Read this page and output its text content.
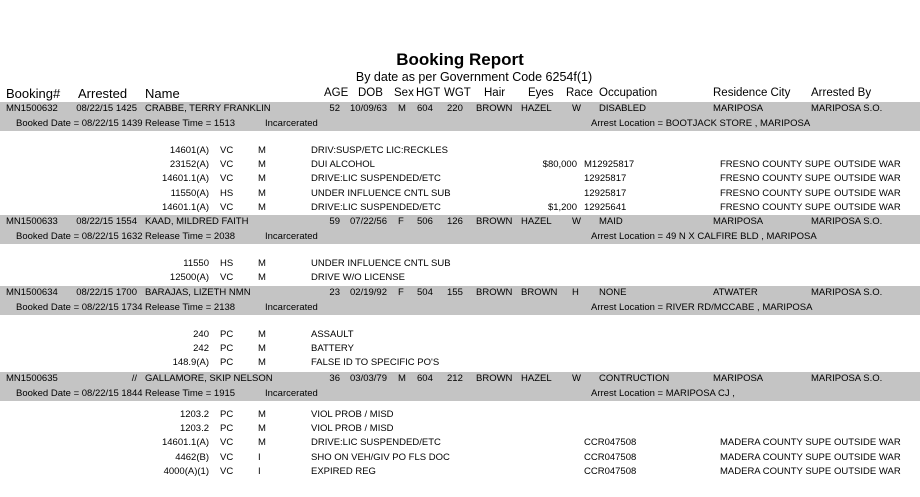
Booking Report
By date as per Government Code 6254f(1)
Booking# Arrested Name	AGE DOB Sex HGT WGT Hair Eyes Race Occupation	Residence City Arrested By
MN1500632 08/22/15 1425 CRABBE, TERRY FRANKLIN	52 10/09/63 M 604 220 BROWN HAZEL W DISABLED	MARIPOSA	MARIPOSA S.O.
Booked Date = 08/22/15 1439 Release Time = 1513	Incarcerated	Arrest Location = BOOTJACK STORE , MARIPOSA
14601(A) VC	M	DRIV:SUSP/ETC LIC:RECKLES
23152(A) VC	M	DUI ALCOHOL	$80,000 M12925817	FRESNO COUNTY SUPE OUTSIDE WAR
14601.1(A) VC	M	DRIVE:LIC SUSPENDED/ETC	12925817	FRESNO COUNTY SUPE OUTSIDE WAR
11550(A) HS	M	UNDER INFLUENCE CNTL SUB	12925817	FRESNO COUNTY SUPE OUTSIDE WAR
14601.1(A) VC	M	DRIVE:LIC SUSPENDED/ETC	$1,200 12925641	FRESNO COUNTY SUPE OUTSIDE WAR
MN1500633 08/22/15 1554 KAAD, MILDRED FAITH	59 07/22/56 F 506 126 BROWN HAZEL W MAID	MARIPOSA	MARIPOSA S.O.
Booked Date = 08/22/15 1632 Release Time = 2038	Incarcerated	Arrest Location = 49 N X CALFIRE BLD , MARIPOSA
11550 HS	M	UNDER INFLUENCE CNTL SUB
12500(A) VC	M	DRIVE W/O LICENSE
MN1500634 08/22/15 1700 BARAJAS, LIZETH NMN	23 02/19/92 F 504 155 BROWN BROWN H NONE	ATWATER	MARIPOSA S.O.
Booked Date = 08/22/15 1734 Release Time = 2138	Incarcerated	Arrest Location = RIVER RD/MCCABE , MARIPOSA
240 PC	M	ASSAULT
242 PC	M	BATTERY
148.9(A) PC	M	FALSE ID TO SPECIFIC PO'S
MN1500635	// GALLAMORE, SKIP NELSON	36 03/03/79 M 604 212 BROWN HAZEL W CONTRUCTION	MARIPOSA	MARIPOSA S.O.
Booked Date = 08/22/15 1844 Release Time = 1915	Incarcerated	Arrest Location = MARIPOSA CJ ,
1203.2 PC	M	VIOL PROB / MISD
1203.2 PC	M	VIOL PROB / MISD
14601.1(A) VC	M	DRIVE:LIC SUSPENDED/ETC	CCR047508	MADERA COUNTY SUPE OUTSIDE WAR
4462(B) VC	I	SHO ON VEH/GIV PO FLS DOC	CCR047508	MADERA COUNTY SUPE OUTSIDE WAR
4000(A)(1) VC	I	EXPIRED REG	CCR047508	MADERA COUNTY SUPE OUTSIDE WAR
